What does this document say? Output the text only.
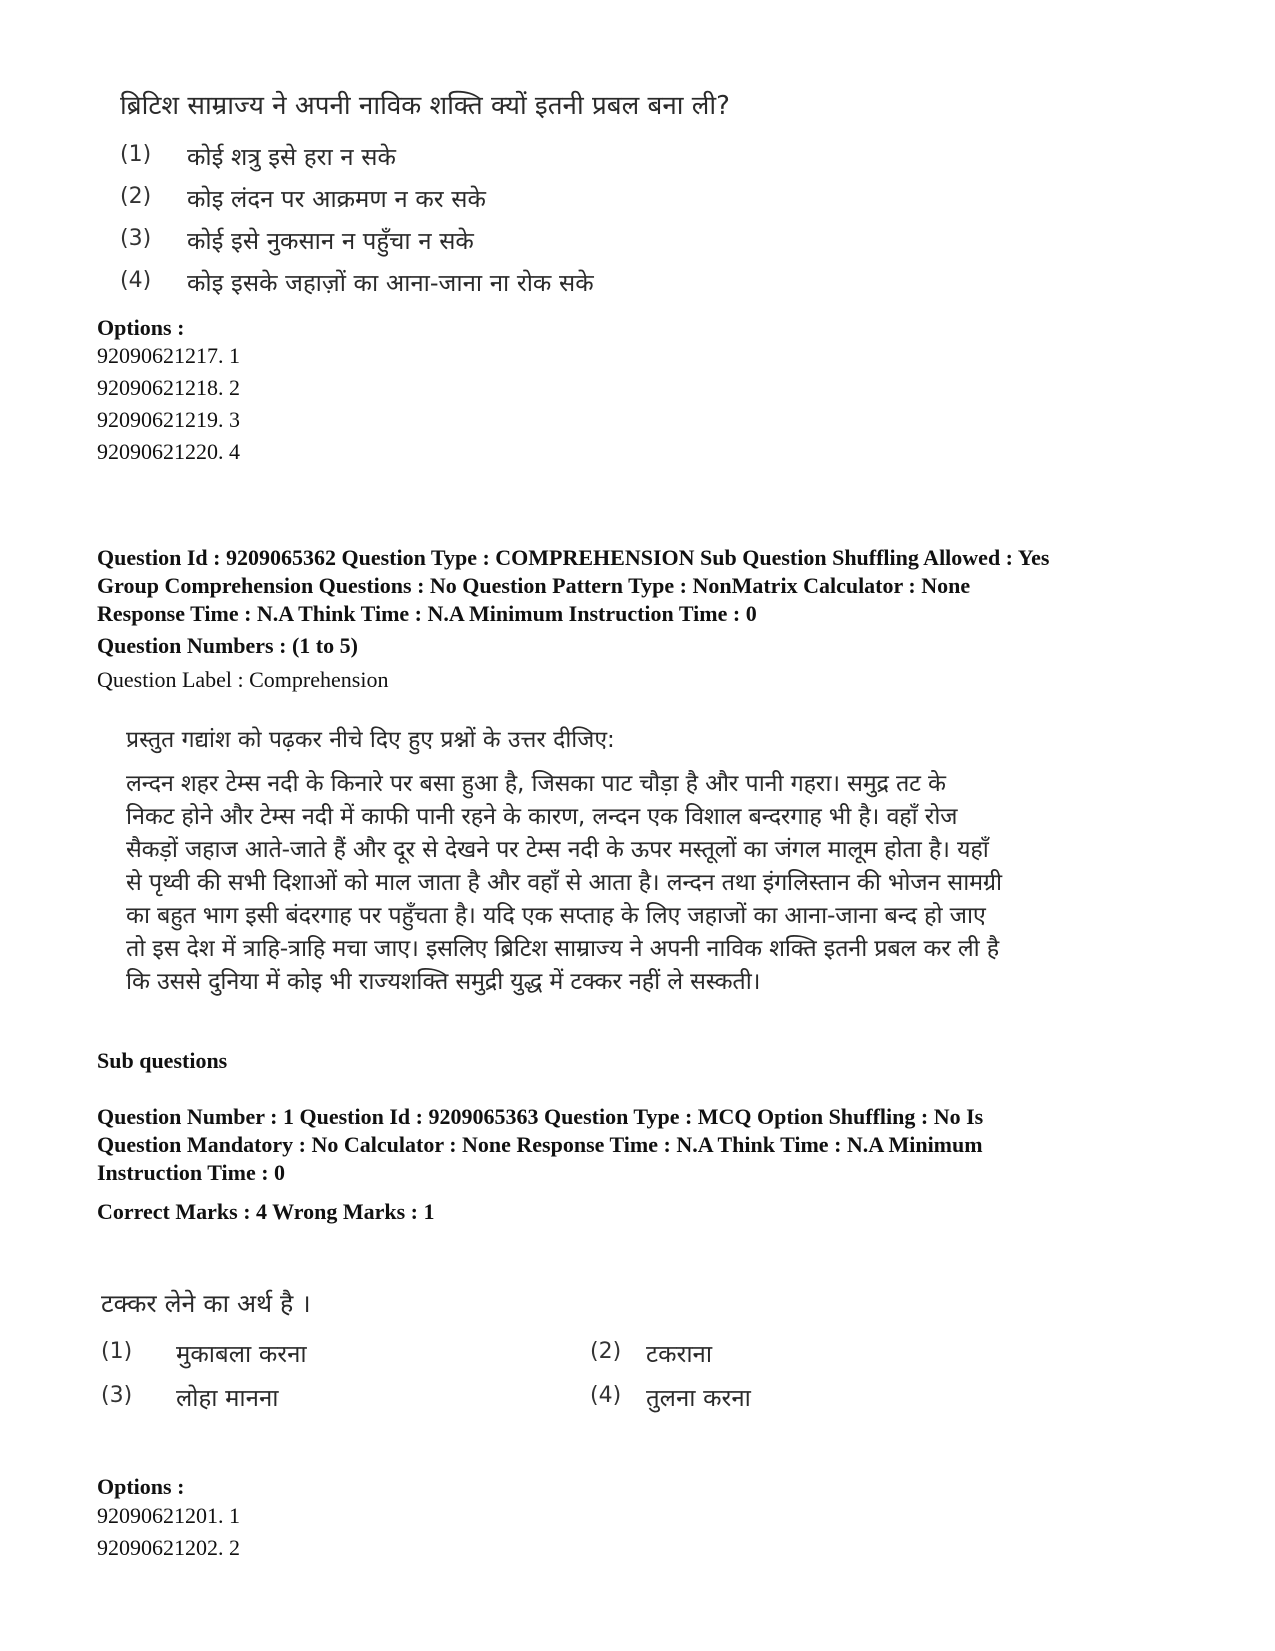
ब्रिटिश साम्राज्य ने अपनी नाविक शक्ति क्यों इतनी प्रबल बना ली?
(1) कोई शत्रु इसे हरा न सके
(2) कोइ लंदन पर आक्रमण न कर सके
(3) कोई इसे नुकसान न पहुँचा न सके
(4) कोइ इसके जहाज़ों का आना-जाना ना रोक सके
Options :
92090621217. 1
92090621218. 2
92090621219. 3
92090621220. 4
Question Id : 9209065362 Question Type : COMPREHENSION Sub Question Shuffling Allowed : Yes
Group Comprehension Questions : No Question Pattern Type : NonMatrix Calculator : None
Response Time : N.A Think Time : N.A Minimum Instruction Time : 0
Question Numbers : (1 to 5)
Question Label : Comprehension
प्रस्तुत गद्यांश को पढ़कर नीचे दिए हुए प्रश्नों के उत्तर दीजिए:
लन्दन शहर टेम्स नदी के किनारे पर बसा हुआ है, जिसका पाट चौड़ा है और पानी गहरा। समुद्र तट के
निकट होने और टेम्स नदी में काफी पानी रहने के कारण, लन्दन एक विशाल बन्दरगाह भी है। वहाँ रोज
सैकड़ों जहाज आते-जाते हैं और दूर से देखने पर टेम्स नदी के ऊपर मस्तूलों का जंगल मालूम होता है। यहाँ
से पृथ्वी की सभी दिशाओं को माल जाता है और वहाँ से आता है। लन्दन तथा इंगलिस्तान की भोजन सामग्री
का बहुत भाग इसी बंदरगाह पर पहुँचता है। यदि एक सप्ताह के लिए जहाजों का आना-जाना बन्द हो जाए
तो इस देश में त्राहि-त्राहि मचा जाए। इसलिए ब्रिटिश साम्राज्य ने अपनी नाविक शक्ति इतनी प्रबल कर ली है
कि उससे दुनिया में कोइ भी राज्यशक्ति समुद्री युद्ध में टक्कर नहीं ले सस्कती।
Sub questions
Question Number : 1 Question Id : 9209065363 Question Type : MCQ Option Shuffling : No Is
Question Mandatory : No Calculator : None Response Time : N.A Think Time : N.A Minimum
Instruction Time : 0
Correct Marks : 4 Wrong Marks : 1
टक्कर लेने का अर्थ है ।
(1) मुकाबला करना	(2) टकराना
(3) लोहा मानना	(4) तुलना करना
Options :
92090621201. 1
92090621202. 2
